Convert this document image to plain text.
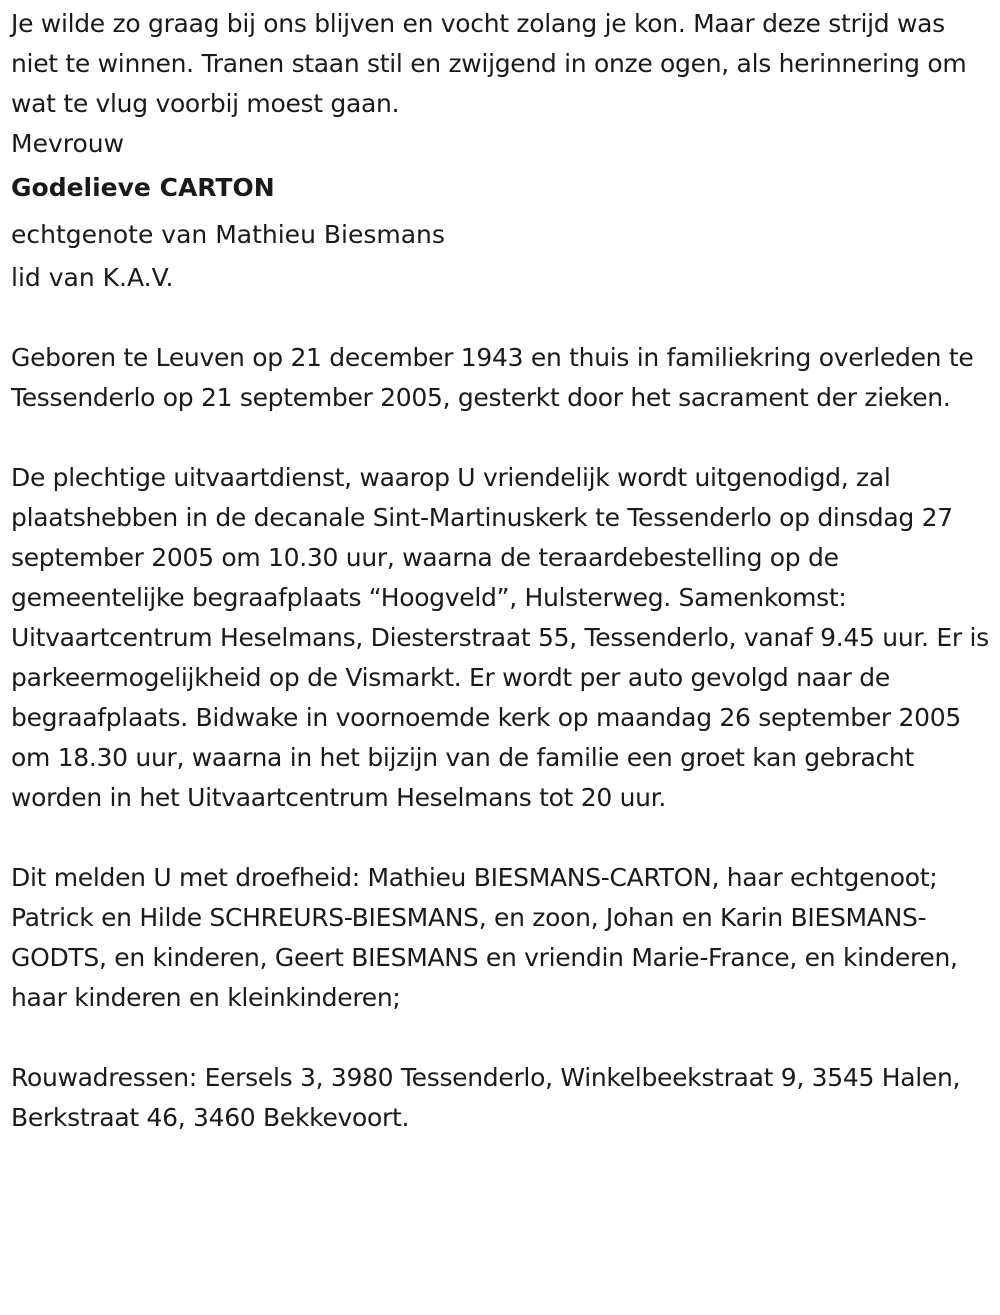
Je wilde zo graag bij ons blijven en vocht zolang je kon. Maar deze strijd was niet te winnen. Tranen staan stil en zwijgend in onze ogen, als herinnering om wat te vlug voorbij moest gaan.

Mevrouw

Godelieve CARTON

echtgenote van Mathieu Biesmans

lid van K.A.V.

Geboren te Leuven op 21 december 1943 en thuis in familiekring overleden te Tessenderlo op 21 september 2005, gesterkt door het sacrament der zieken.

De plechtige uitvaartdienst, waarop U vriendelijk wordt uitgenodigd, zal plaatshebben in de decanale Sint-Martinuskerk te Tessenderlo op dinsdag 27 september 2005 om 10.30 uur, waarna de teraardebestelling op de gemeentelijke begraafplaats “Hoogveld”, Hulsterweg. Samenkomst: Uitvaartcentrum Heselmans, Diesterstraat 55, Tessenderlo, vanaf 9.45 uur. Er is parkeermogelijkheid op de Vismarkt. Er wordt per auto gevolgd naar de begraafplaats. Bidwake in voornoemde kerk op maandag 26 september 2005 om 18.30 uur, waarna in het bijzijn van de familie een groet kan gebracht worden in het Uitvaartcentrum Heselmans tot 20 uur.

Dit melden U met droefheid: Mathieu BIESMANS-CARTON, haar echtgenoot; Patrick en Hilde SCHREURS-BIESMANS, en zoon, Johan en Karin BIESMANS-GODTS, en kinderen, Geert BIESMANS en vriendin Marie-France, en kinderen, haar kinderen en kleinkinderen;

Rouwadressen: Eersels 3, 3980 Tessenderlo, Winkelbeekstraat 9, 3545 Halen, Berkstraat 46, 3460 Bekkevoort.
